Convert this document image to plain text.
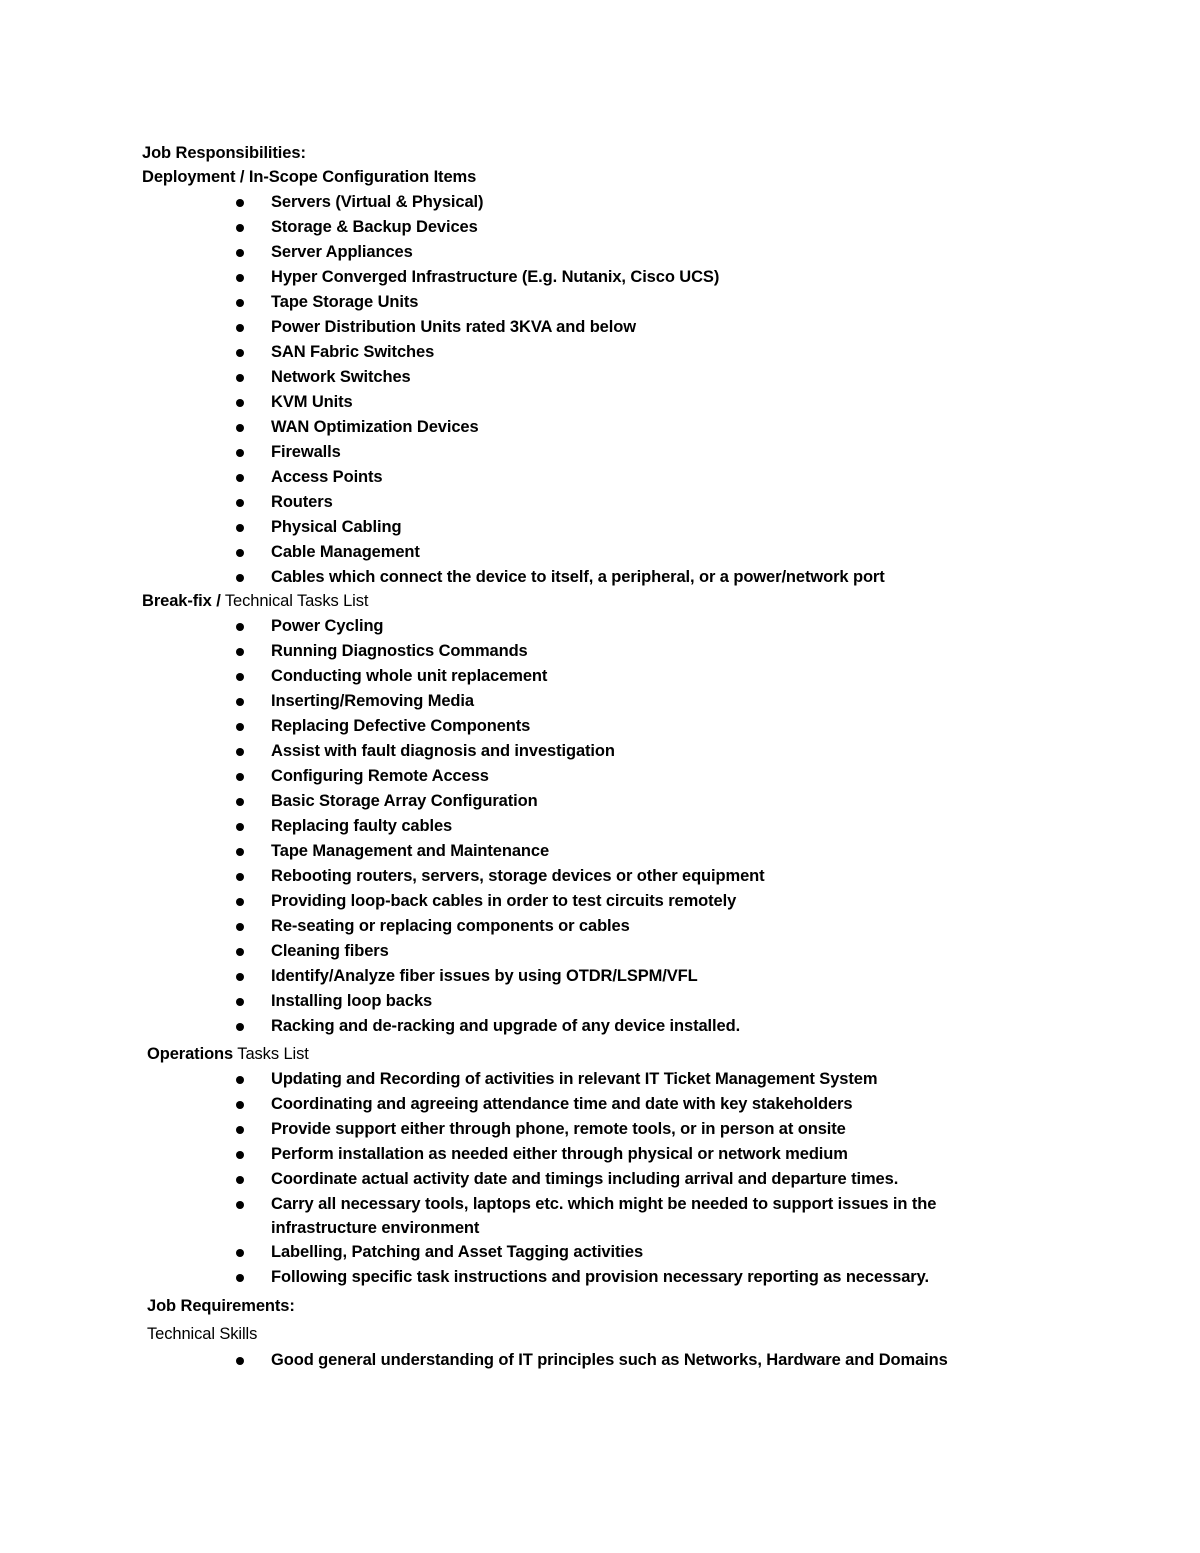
Job Responsibilities:
Deployment / In-Scope Configuration Items
Servers (Virtual & Physical)
Storage & Backup Devices
Server Appliances
Hyper Converged Infrastructure (E.g. Nutanix, Cisco UCS)
Tape Storage Units
Power Distribution Units rated 3KVA and below
SAN Fabric Switches
Network Switches
KVM Units
WAN Optimization Devices
Firewalls
Access Points
Routers
Physical Cabling
Cable Management
Cables which connect the device to itself, a peripheral, or a power/network port
Break-fix / Technical Tasks List
Power Cycling
Running Diagnostics Commands
Conducting whole unit replacement
Inserting/Removing Media
Replacing Defective Components
Assist with fault diagnosis and investigation
Configuring Remote Access
Basic Storage Array Configuration
Replacing faulty cables
Tape Management and Maintenance
Rebooting routers, servers, storage devices or other equipment
Providing loop-back cables in order to test circuits remotely
Re-seating or replacing components or cables
Cleaning fibers
Identify/Analyze fiber issues by using OTDR/LSPM/VFL
Installing loop backs
Racking and de-racking and upgrade of any device installed.
Operations Tasks List
Updating and Recording of activities in relevant IT Ticket Management System
Coordinating and agreeing attendance time and date with key stakeholders
Provide support either through phone, remote tools, or in person at onsite
Perform installation as needed either through physical or network medium
Coordinate actual activity date and timings including arrival and departure times.
Carry all necessary tools, laptops etc. which might be needed to support issues in the
infrastructure environment
Labelling, Patching and Asset Tagging activities
Following specific task instructions and provision necessary reporting as necessary.
Job Requirements:
Technical Skills
Good general understanding of IT principles such as Networks, Hardware and Domains
